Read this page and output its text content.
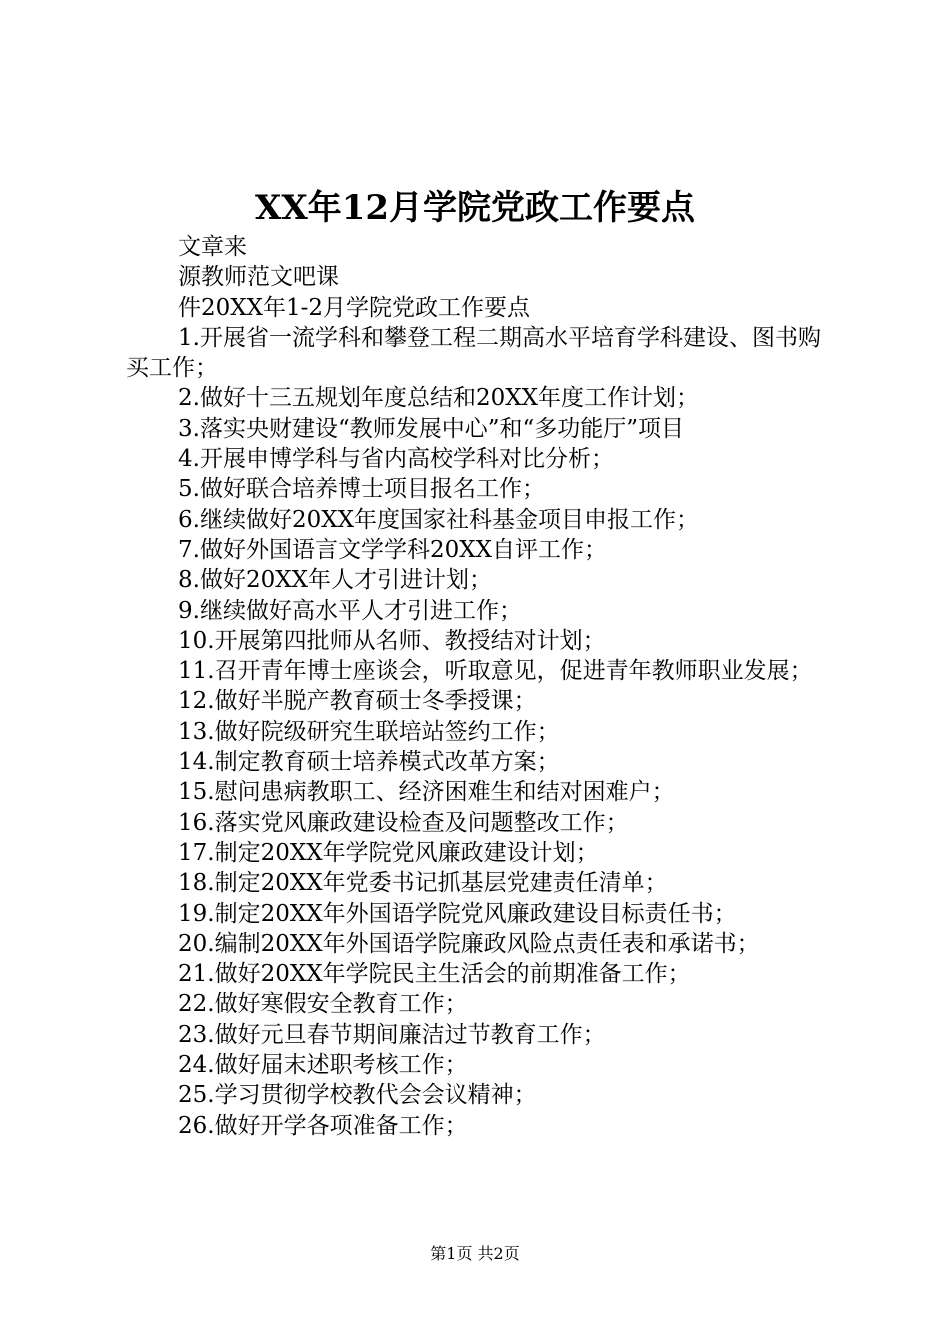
XX年12月学院党政工作要点

文章来

源教师范文吧课

件20XX年1-2月学院党政工作要点

1.开展省一流学科和攀登工程二期高水平培育学科建设、图书购买工作；

2.做好十三五规划年度总结和20XX年度工作计划；

3.落实央财建设“教师发展中心”和“多功能厅”项目

4.开展申博学科与省内高校学科对比分析；

5.做好联合培养博士项目报名工作；

6.继续做好20XX年度国家社科基金项目申报工作；

7.做好外国语言文学学科20XX自评工作；

8.做好20XX年人才引进计划；

9.继续做好高水平人才引进工作；

10.开展第四批师从名师、教授结对计划；

11.召开青年博士座谈会，听取意见，促进青年教师职业发展；

12.做好半脱产教育硕士冬季授课；

13.做好院级研究生联培站签约工作；

14.制定教育硕士培养模式改革方案；

15.慰问患病教职工、经济困难生和结对困难户；

16.落实党风廉政建设检查及问题整改工作；

17.制定20XX年学院党风廉政建设计划；

18.制定20XX年党委书记抓基层党建责任清单；

19.制定20XX年外国语学院党风廉政建设目标责任书；

20.编制20XX年外国语学院廉政风险点责任表和承诺书；

21.做好20XX年学院民主生活会的前期准备工作；

22.做好寒假安全教育工作；

23.做好元旦春节期间廉洁过节教育工作；

24.做好届末述职考核工作；

25.学习贯彻学校教代会会议精神；

26.做好开学各项准备工作；

第1页 共2页
